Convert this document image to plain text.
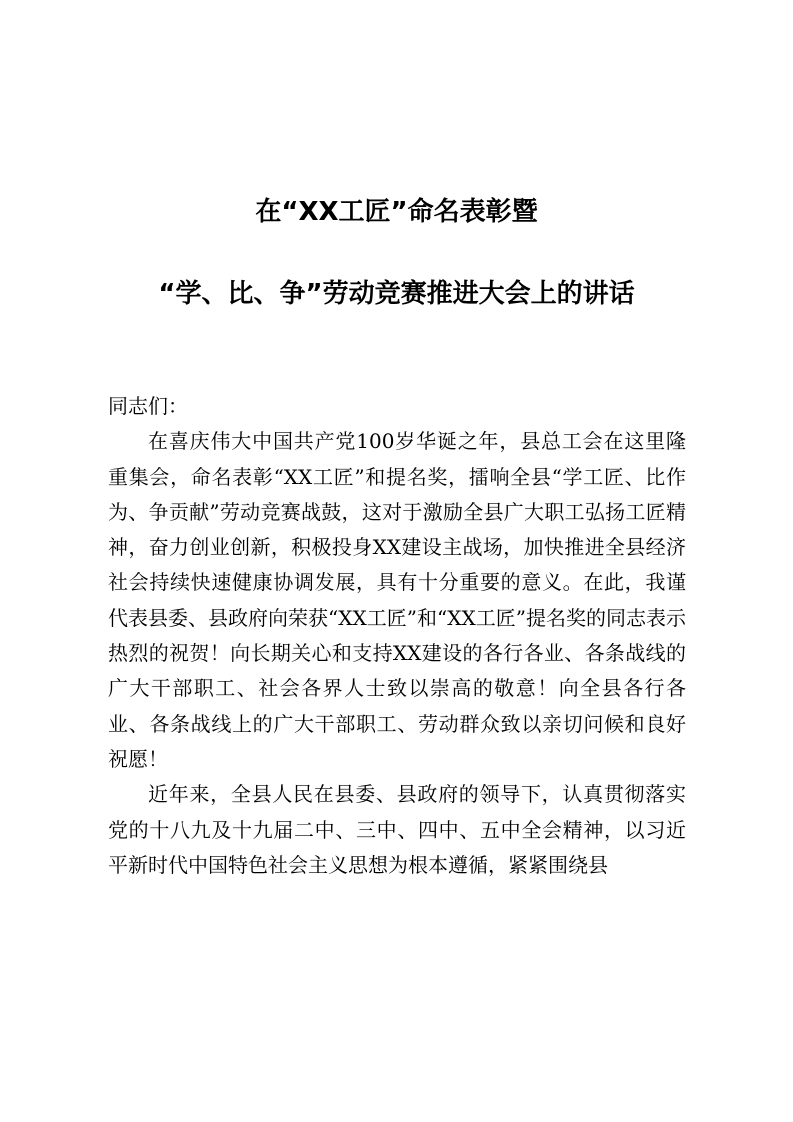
在“XX工匠”命名表彰暨
“学、比、争”劳动竞赛推进大会上的讲话

同志们：

在喜庆伟大中国共产党100岁华诞之年，县总工会在这里隆重集会，命名表彰“XX工匠”和提名奖，擂响全县“学工匠、比作为、争贡献”劳动竞赛战鼓，这对于激励全县广大职工弘扬工匠精神，奋力创业创新，积极投身XX建设主战场，加快推进全县经济社会持续快速健康协调发展，具有十分重要的意义。在此，我谨代表县委、县政府向荣获“XX工匠”和“XX工匠”提名奖的同志表示热烈的祝贺！向长期关心和支持XX建设的各行各业、各条战线的广大干部职工、社会各界人士致以崇高的敬意！向全县各行各业、各条战线上的广大干部职工、劳动群众致以亲切问候和良好祝愿！

近年来，全县人民在县委、县政府的领导下，认真贯彻落实党的十八九及十九届二中、三中、四中、五中全会精神，以习近平新时代中国特色社会主义思想为根本遵循，紧紧围绕县
